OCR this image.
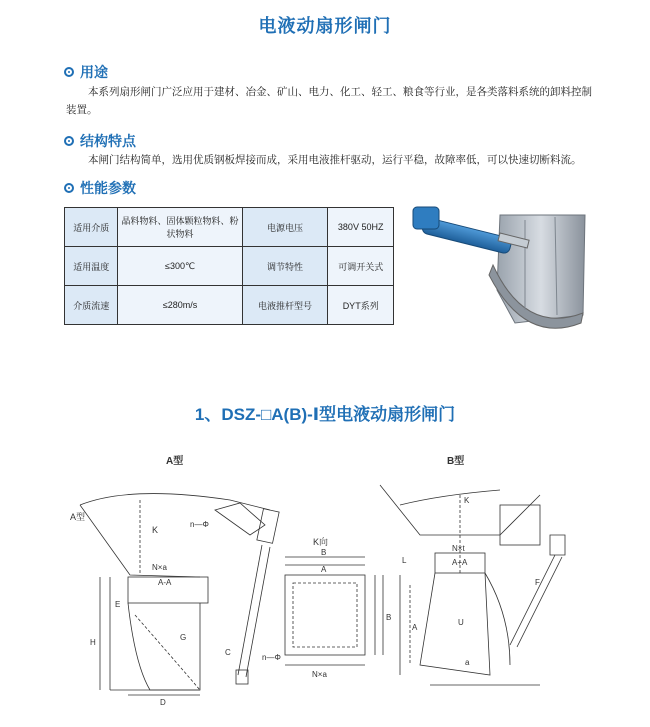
电液动扇形闸门
用途
本系列扇形闸门广泛应用于建材、冶金、矿山、电力、化工、轻工、粮食等行业，是各类落料系统的卸料控制装置。
结构特点
本闸门结构简单，选用优质钢板焊接而成，采用电液推杆驱动，运行平稳，故障率低，可以快速切断料流。
性能参数
适用介质	晶料物料、固体颗粒物料、粉状物料	电源电压	380V 50HZ
适用温度	≤300℃	调节特性	可调开关式
介质流速	≤280m/s	电液推杆型号	DYT系列
1、DSZ-□A(B)-Ⅰ型电液动扇形闸门
A型	B型
A型
K
n—Φ
N×a
A-A
E
H
D
C
G
K向
B
A
B
N×a
n—Φ
K
N×t
A+A
L
U
F
a
A
